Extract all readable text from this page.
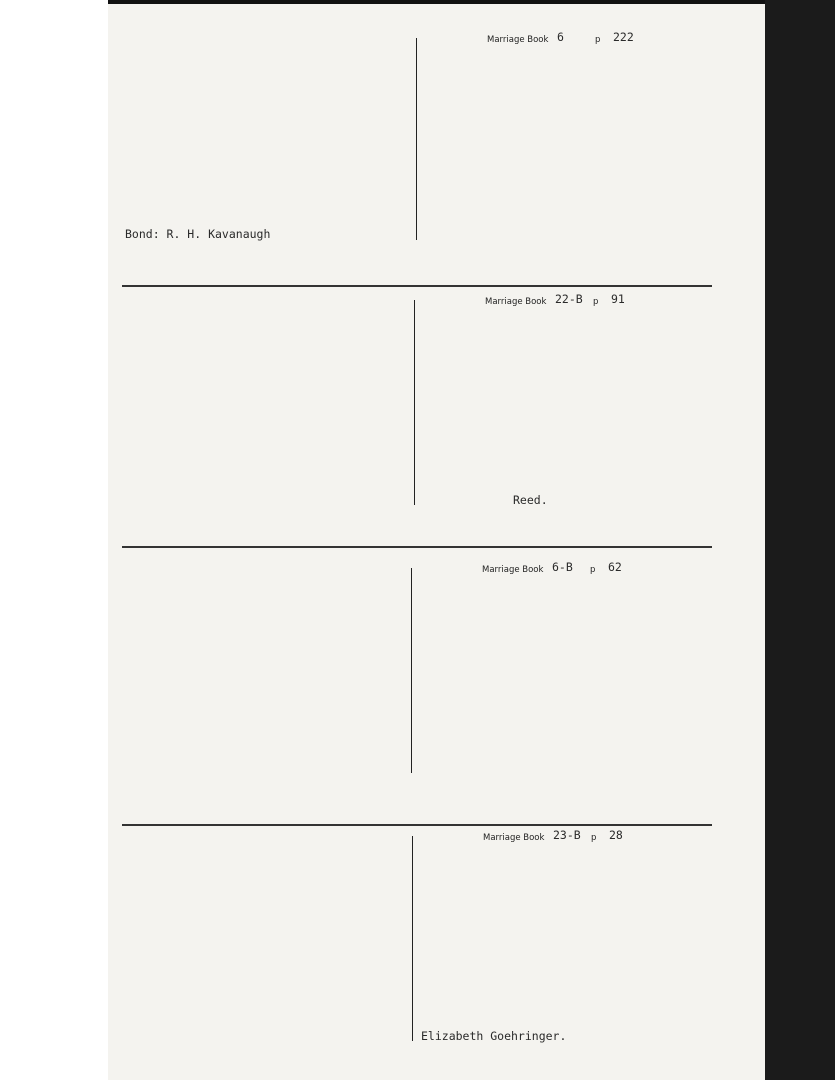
Bond: R. H. Kavanaugh
Marriage Book 6	p 222
Marriage Book 22-B p 91
Reed.
Marriage Book 6-B p 62
Marriage Book 23-B p 28
Elizabeth Goehringer.
